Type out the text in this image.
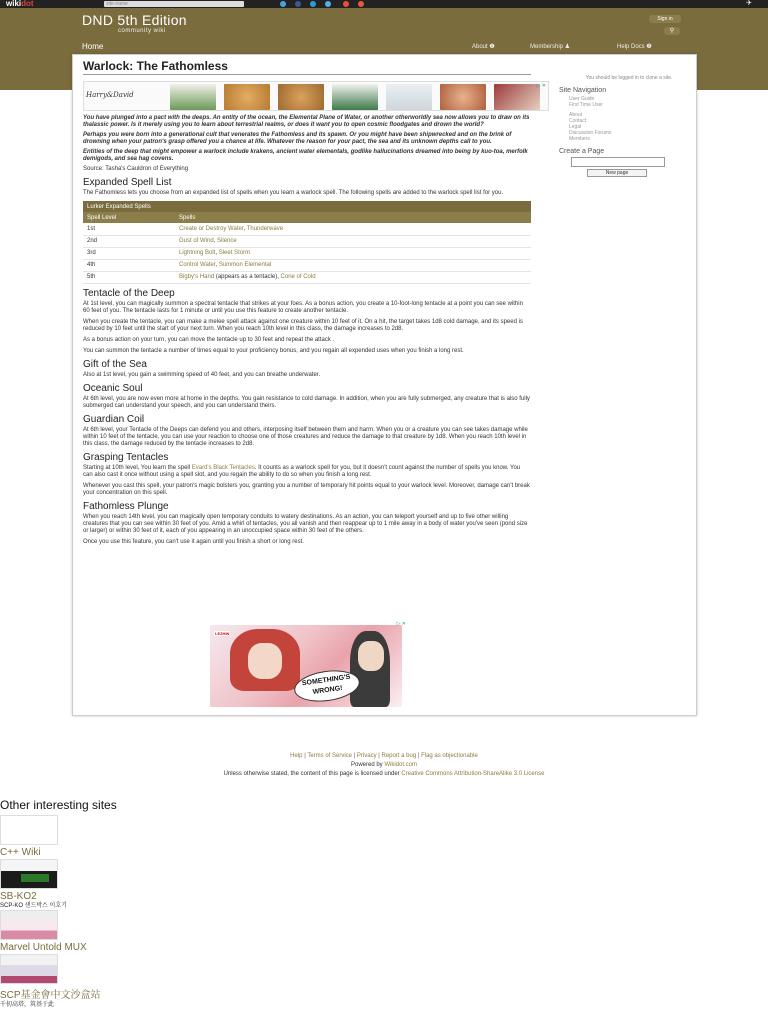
wikidot	site-name	.wikidot.com	✈
DND 5th Edition
community wiki
Sign in
⚲
Home	About ❶	Membership ♟	Help Docs ❷
Warlock: The Fathomless
Harry&David
▷ ✕

You have plunged into a pact with the deeps. An entity of the ocean, the Elemental Plane of Water, or another otherworldly sea now allows you to draw on its thalassic power. Is it merely using you to learn about terrestrial realms, or does it want you to open cosmic floodgates and drown the world?

Perhaps you were born into a generational cult that venerates the Fathomless and its spawn. Or you might have been shipwrecked and on the brink of drowning when your patron's grasp offered you a chance at life. Whatever the reason for your pact, the sea and its unknown depths call to you.

Entities of the deep that might empower a warlock include krakens, ancient water elementals, godlike hallucinations dreamed into being by kuo-toa, merfolk demigods, and sea hag covens.

Source: Tasha's Cauldron of Everything

Expanded Spell List

The Fathomless lets you choose from an expanded list of spells when you learn a warlock spell. The following spells are added to the warlock spell list for you.

Lurker Expanded Spells	
Spell Level	Spells
1st	Create or Destroy Water, Thunderwave
2nd	Gust of Wind, Silence
3rd	Lightning Bolt, Sleet Storm
4th	Control Water, Summon Elemental
5th	Bigby's Hand (appears as a tentacle), Cone of Cold
Tentacle of the Deep

At 1st level, you can magically summon a spectral tentacle that strikes at your foes. As a bonus action, you create a 10-foot-long tentacle at a point you can see within 60 feet of you. The tentacle lasts for 1 minute or until you use this feature to create another tentacle.

When you create the tentacle, you can make a melee spell attack against one creature within 10 feet of it. On a hit, the target takes 1d8 cold damage, and its speed is reduced by 10 feet until the start of your next turn. When you reach 10th level in this class, the damage increases to 2d8.

As a bonus action on your turn, you can move the tentacle up to 30 feet and repeat the attack .

You can summon the tentacle a number of times equal to your proficiency bonus, and you regain all expended uses when you finish a long rest.

Gift of the Sea

Also at 1st level, you gain a swimming speed of 40 feet, and you can breathe underwater.

Oceanic Soul

At 6th level, you are now even more at home in the depths. You gain resistance to cold damage. In addition, when you are fully submerged, any creature that is also fully submerged can understand your speech, and you can understand theirs.

Guardian Coil

At 6th level, your Tentacle of the Deeps can defend you and others, interposing itself between them and harm. When you or a creature you can see takes damage while within 10 feet of the tentacle, you can use your reaction to choose one of those creatures and reduce the damage to that creature by 1d8. When you reach 10th level in this class, the damage reduced by the tentacle increases to 2d8.

Grasping Tentacles

Starting at 10th level, You learn the spell Evard's Black Tentacles. It counts as a warlock spell for you, but it doesn't count against the number of spells you know. You can also cast it once without using a spell slot, and you regain the ability to do so when you finish a long rest.

Whenever you cast this spell, your patron's magic bolsters you, granting you a number of temporary hit points equal to your warlock level. Moreover, damage can't break your concentration on this spell.

Fathomless Plunge

When you reach 14th level, you can magically open temporary conduits to watery destinations. As an action, you can teleport yourself and up to five other willing creatures that you can see within 30 feet of you. Amid a whirl of tentacles, you all vanish and then reappear up to 1 mile away in a body of water you've seen (pond size or larger) or within 30 feet of it, each of you appearing in an unoccupied space within 30 feet of the others.

Once you use this feature, you can't use it again until you finish a short or long rest.

SOMETHING'S WRONG!
LEZHIN
▷ ✕
You should be logged in to clone a site.
Site Navigation
User Guide
First Time User
About
Contact
Legal
Discussion Forums
Members
Create a Page
New page
Help | Terms of Service | Privacy | Report a bug | Flag as objectionable
Powered by Wikidot.com
Unless otherwise stated, the content of this page is licensed under Creative Commons Attribution-ShareAlike 3.0 License
Other interesting sites
C++ Wiki
SB-KO2
SCP-KO 샌드박스 이호기
Marvel Untold MUX
SCP基金會中文沙盒站
千仞高塔，筑基于此
